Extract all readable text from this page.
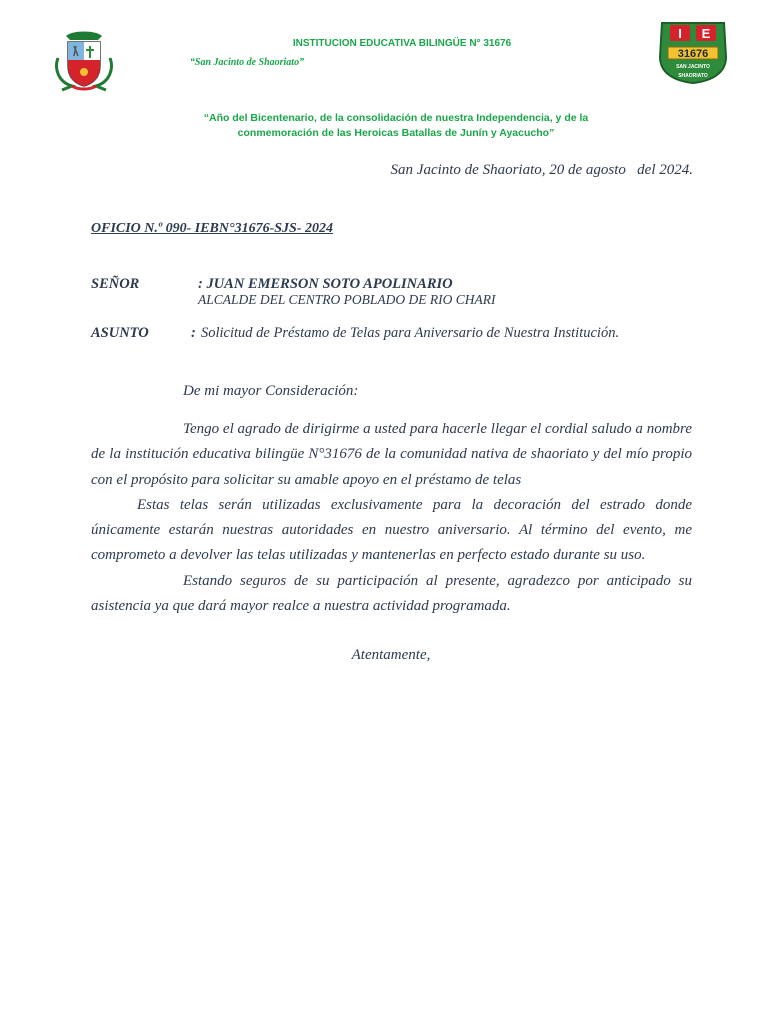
INSTITUCION EDUCATIVA BILINGÜE N° 31676
“San Jacinto de Shaoriato”
I E
31676
SAN JACINTO
SHAORIATO
“Año del Bicentenario, de la consolidación de nuestra Independencia, y de la conmemoración de las Heroicas Batallas de Junín y Ayacucho”
San Jacinto de Shaoriato, 20 de agosto   del 2024.
OFICIO N.º 090- IEBN°31676-SJS- 2024
SEÑOR	: JUAN EMERSON SOTO APOLINARIO
ALCALDE DEL CENTRO POBLADO DE RIO CHARI
ASUNTO	: Solicitud de Préstamo de Telas para Aniversario de Nuestra Institución.
De mi mayor Consideración:

Tengo el agrado de dirigirme a usted para hacerle llegar el cordial saludo a nombre de la institución educativa bilingüe N°31676 de la comunidad nativa de shaoriato y del mío propio con el propósito para solicitar su amable apoyo en el préstamo de telas

Estas telas serán utilizadas exclusivamente para la decoración del estrado donde únicamente estarán nuestras autoridades en nuestro aniversario. Al término del evento, me comprometo a devolver las telas utilizadas y mantenerlas en perfecto estado durante su uso.

Estando seguros de su participación al presente, agradezco por anticipado su asistencia ya que dará mayor realce a nuestra actividad programada.

Atentamente,
